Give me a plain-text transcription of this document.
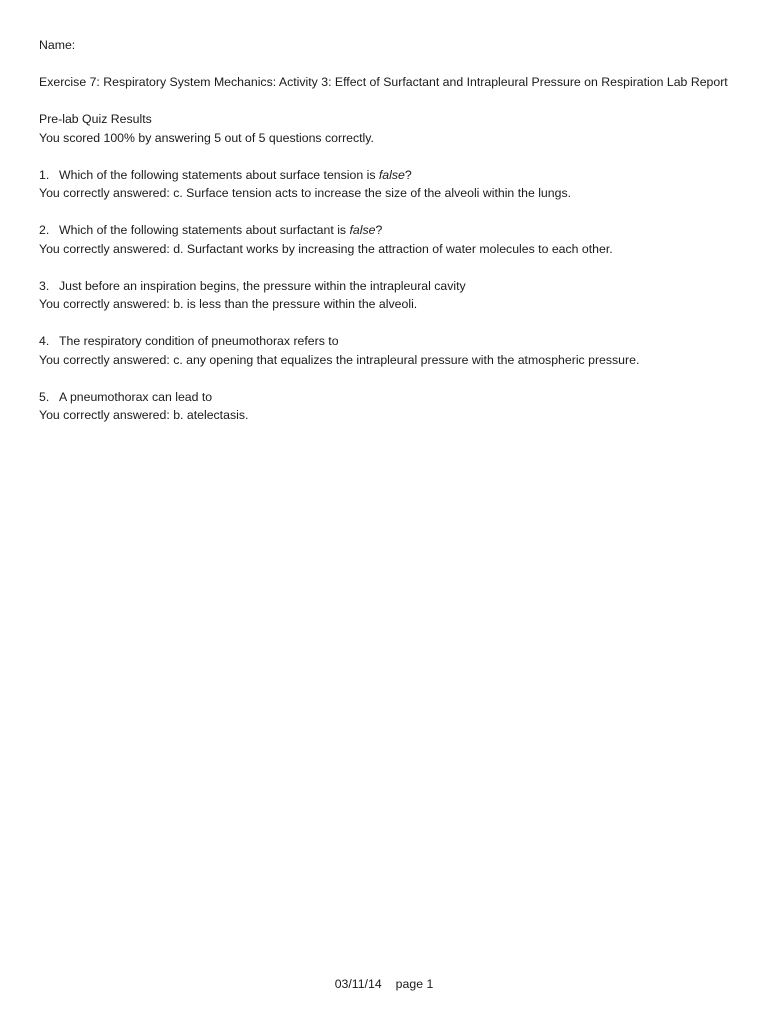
Name:

Exercise 7: Respiratory System Mechanics: Activity 3: Effect of Surfactant and Intrapleural Pressure on Respiration Lab Report

Pre-lab Quiz Results

You scored 100% by answering 5 out of 5 questions correctly.

1. Which of the following statements about surface tension is false?

You correctly answered: c. Surface tension acts to increase the size of the alveoli within the lungs.

2. Which of the following statements about surfactant is false?

You correctly answered: d. Surfactant works by increasing the attraction of water molecules to each other.

3. Just before an inspiration begins, the pressure within the intrapleural cavity

You correctly answered: b. is less than the pressure within the alveoli.

4. The respiratory condition of pneumothorax refers to

You correctly answered: c. any opening that equalizes the intrapleural pressure with the atmospheric pressure.

5. A pneumothorax can lead to

You correctly answered: b. atelectasis.

03/11/14 page 1
